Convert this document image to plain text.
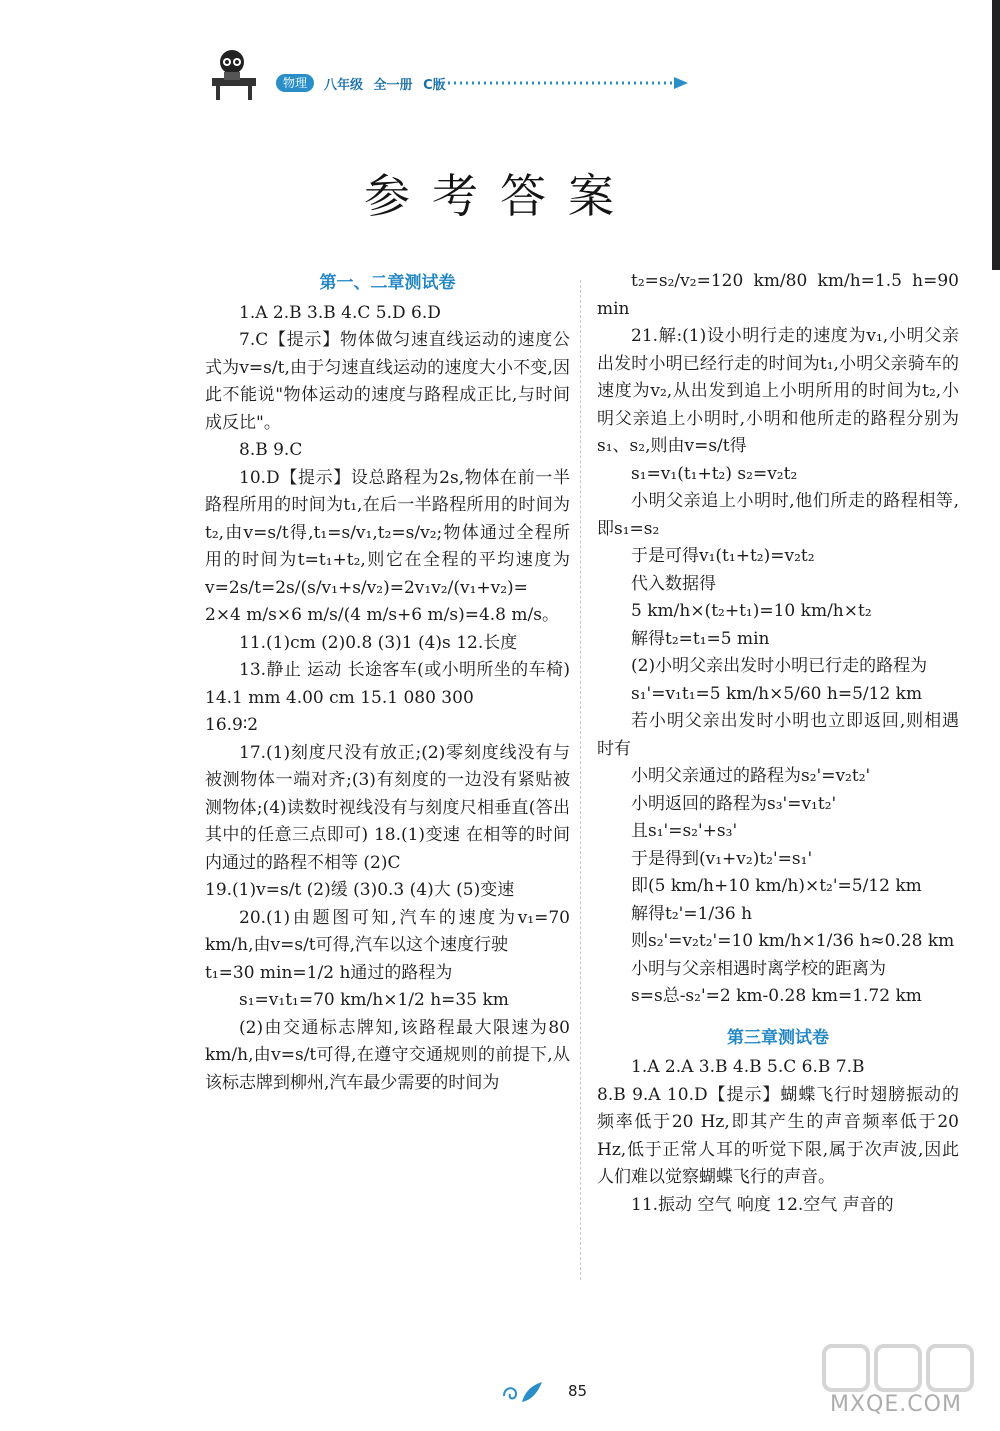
物理	八年级 全一册 C版
参考答案
第一、二章测试卷

1.A 2.B 3.B 4.C 5.D 6.D

7.C【提示】物体做匀速直线运动的速度公式为v=s/t,由于匀速直线运动的速度大小不变,因此不能说"物体运动的速度与路程成正比,与时间成反比"。

8.B 9.C

10.D【提示】设总路程为2s,物体在前一半路程所用的时间为t₁,在后一半路程所用的时间为t₂,由v=s/t得,t₁=s/v₁,t₂=s/v₂;物体通过全程所用的时间为t=t₁+t₂,则它在全程的平均速度为v=2s/t=2s/(s/v₁+s/v₂)=2v₁v₂/(v₁+v₂)=

2×4 m/s×6 m/s/(4 m/s+6 m/s)=4.8 m/s。

11.(1)cm (2)0.8 (3)1 (4)s 12.长度

13.静止 运动 长途客车(或小明所坐的车椅) 14.1 mm 4.00 cm 15.1 080 300

16.9∶2

17.(1)刻度尺没有放正;(2)零刻度线没有与被测物体一端对齐;(3)有刻度的一边没有紧贴被测物体;(4)读数时视线没有与刻度尺相垂直(答出其中的任意三点即可) 18.(1)变速 在相等的时间内通过的路程不相等 (2)C

19.(1)v=s/t (2)缓 (3)0.3 (4)大 (5)变速

20.(1)由题图可知,汽车的速度为v₁=70 km/h,由v=s/t可得,汽车以这个速度行驶

t₁=30 min=1/2 h通过的路程为

s₁=v₁t₁=70 km/h×1/2 h=35 km

(2)由交通标志牌知,该路程最大限速为80 km/h,由v=s/t可得,在遵守交通规则的前提下,从该标志牌到柳州,汽车最少需要的时间为

t₂=s₂/v₂=120 km/80 km/h=1.5 h=90 min

21.解:(1)设小明行走的速度为v₁,小明父亲出发时小明已经行走的时间为t₁,小明父亲骑车的速度为v₂,从出发到追上小明所用的时间为t₂,小明父亲追上小明时,小明和他所走的路程分别为s₁、s₂,则由v=s/t得

s₁=v₁(t₁+t₂) s₂=v₂t₂

小明父亲追上小明时,他们所走的路程相等,即s₁=s₂

于是可得v₁(t₁+t₂)=v₂t₂

代入数据得

5 km/h×(t₂+t₁)=10 km/h×t₂

解得t₂=t₁=5 min

(2)小明父亲出发时小明已行走的路程为

s₁'=v₁t₁=5 km/h×5/60 h=5/12 km

若小明父亲出发时小明也立即返回,则相遇时有

小明父亲通过的路程为s₂'=v₂t₂'

小明返回的路程为s₃'=v₁t₂'

且s₁'=s₂'+s₃'

于是得到(v₁+v₂)t₂'=s₁'

即(5 km/h+10 km/h)×t₂'=5/12 km

解得t₂'=1/36 h

则s₂'=v₂t₂'=10 km/h×1/36 h≈0.28 km

小明与父亲相遇时离学校的距离为

s=s总-s₂'=2 km-0.28 km=1.72 km

第三章测试卷

1.A 2.A 3.B 4.B 5.C 6.B 7.B

8.B 9.A 10.D【提示】蝴蝶飞行时翅膀振动的频率低于20 Hz,即其产生的声音频率低于20 Hz,低于正常人耳的听觉下限,属于次声波,因此人们难以觉察蝴蝶飞行的声音。

11.振动 空气 响度 12.空气 声音的

85
MXQE.COM
